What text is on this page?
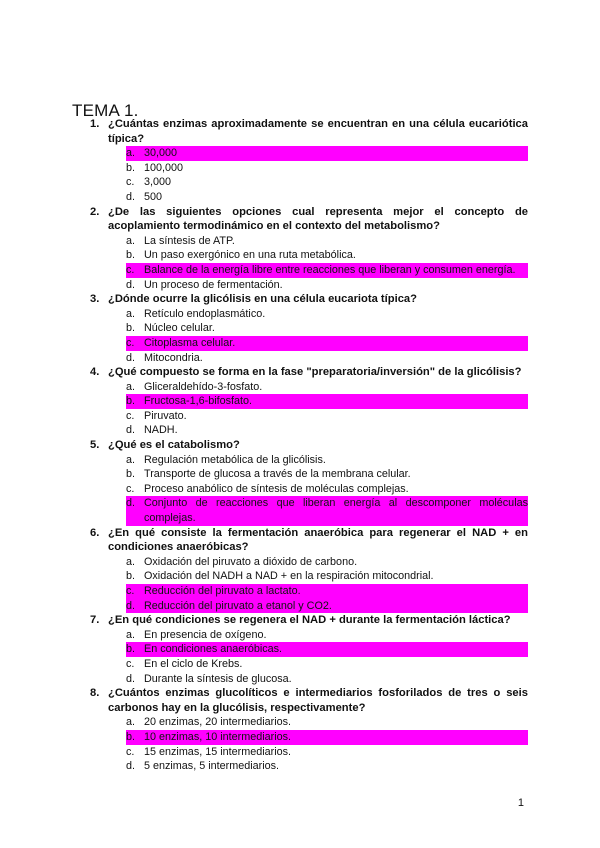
TEMA 1.
1. ¿Cuántas enzimas aproximadamente se encuentran en una célula eucariótica típica?
a. 30,000
b. 100,000
c. 3,000
d. 500
2. ¿De las siguientes opciones cual representa mejor el concepto de acoplamiento termodinámico en el contexto del metabolismo?
a. La síntesis de ATP.
b. Un paso exergónico en una ruta metabólica.
c. Balance de la energía libre entre reacciones que liberan y consumen energía.
d. Un proceso de fermentación.
3. ¿Dónde ocurre la glicólisis en una célula eucariota típica?
a. Retículo endoplasmático.
b. Núcleo celular.
c. Citoplasma celular.
d. Mitocondria.
4. ¿Qué compuesto se forma en la fase "preparatoria/inversión" de la glicólisis?
a. Gliceraldehído-3-fosfato.
b. Fructosa-1,6-bifosfato.
c. Piruvato.
d. NADH.
5. ¿Qué es el catabolismo?
a. Regulación metabólica de la glicólisis.
b. Transporte de glucosa a través de la membrana celular.
c. Proceso anabólico de síntesis de moléculas complejas.
d. Conjunto de reacciones que liberan energía al descomponer moléculas complejas.
6. ¿En qué consiste la fermentación anaeróbica para regenerar el NAD + en condiciones anaeróbicas?
a. Oxidación del piruvato a dióxido de carbono.
b. Oxidación del NADH a NAD + en la respiración mitocondrial.
c. Reducción del piruvato a lactato.
d. Reducción del piruvato a etanol y CO2.
7. ¿En qué condiciones se regenera el NAD + durante la fermentación láctica?
a. En presencia de oxígeno.
b. En condiciones anaeróbicas.
c. En el ciclo de Krebs.
d. Durante la síntesis de glucosa.
8. ¿Cuántos enzimas glucolíticos e intermediarios fosforilados de tres o seis carbonos hay en la glucólisis, respectivamente?
a. 20 enzimas, 20 intermediarios.
b. 10 enzimas, 10 intermediarios.
c. 15 enzimas, 15 intermediarios.
d. 5 enzimas, 5 intermediarios.
1
